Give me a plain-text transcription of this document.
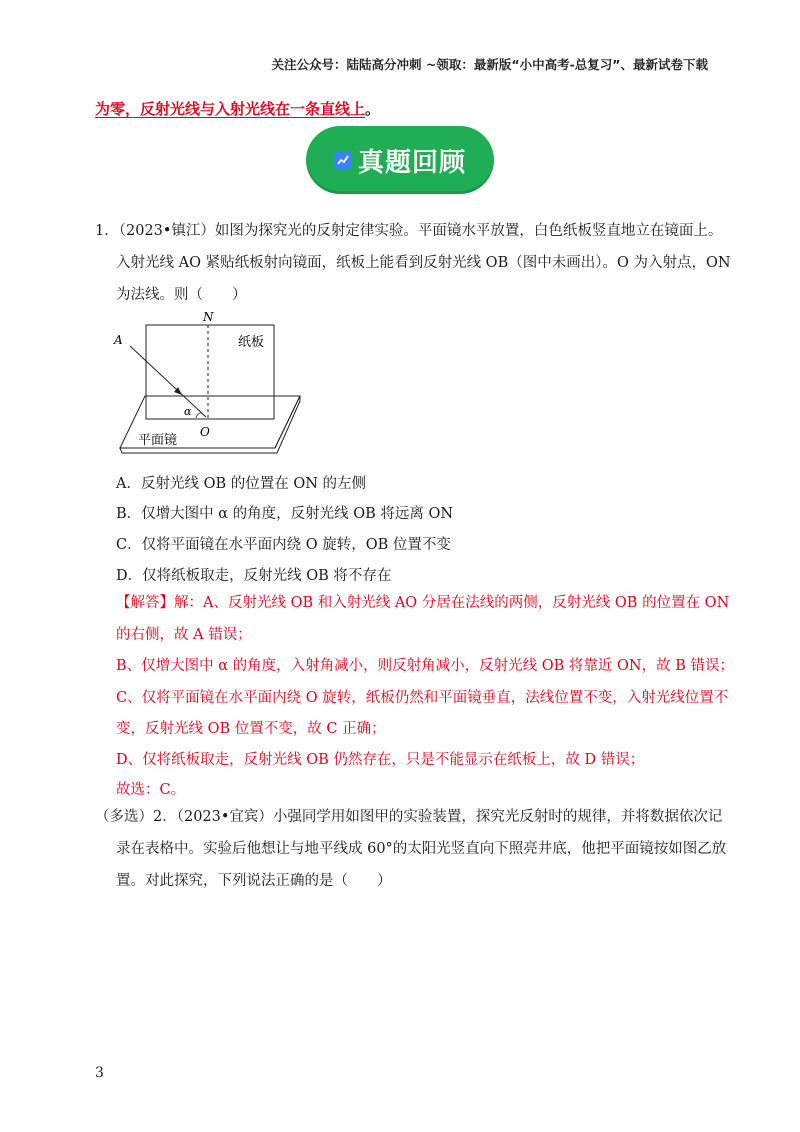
关注公众号：陆陆高分冲刺 ~领取：最新版“小中高考-总复习”、最新试卷下载
为零，反射光线与入射光线在一条直线上。
真题回顾
1．（2023•镇江）如图为探究光的反射定律实验。平面镜水平放置，白色纸板竖直地立在镜面上。
入射光线 AO 紧贴纸板射向镜面，纸板上能看到反射光线 OB（图中未画出）。O 为入射点，ON
为法线。则（　　）
N
A
O
α
纸板
平面镜
A．反射光线 OB 的位置在 ON 的左侧
B．仅增大图中 α 的角度，反射光线 OB 将远离 ON
C．仅将平面镜在水平面内绕 O 旋转，OB 位置不变
D．仅将纸板取走，反射光线 OB 将不存在
【解答】解：A、反射光线 OB 和入射光线 AO 分居在法线的两侧，反射光线 OB 的位置在 ON
的右侧，故 A 错误；
B、仅增大图中 α 的角度，入射角减小，则反射角减小，反射光线 OB 将靠近 ON，故 B 错误；
C、仅将平面镜在水平面内绕 O 旋转，纸板仍然和平面镜垂直，法线位置不变，入射光线位置不
变，反射光线 OB 位置不变，故 C 正确；
D、仅将纸板取走，反射光线 OB 仍然存在，只是不能显示在纸板上，故 D 错误；
故选：C。
（多选）2．（2023•宜宾）小强同学用如图甲的实验装置，探究光反射时的规律，并将数据依次记
录在表格中。实验后他想让与地平线成 60°的太阳光竖直向下照亮井底，他把平面镜按如图乙放
置。对此探究，下列说法正确的是（　　）
3
